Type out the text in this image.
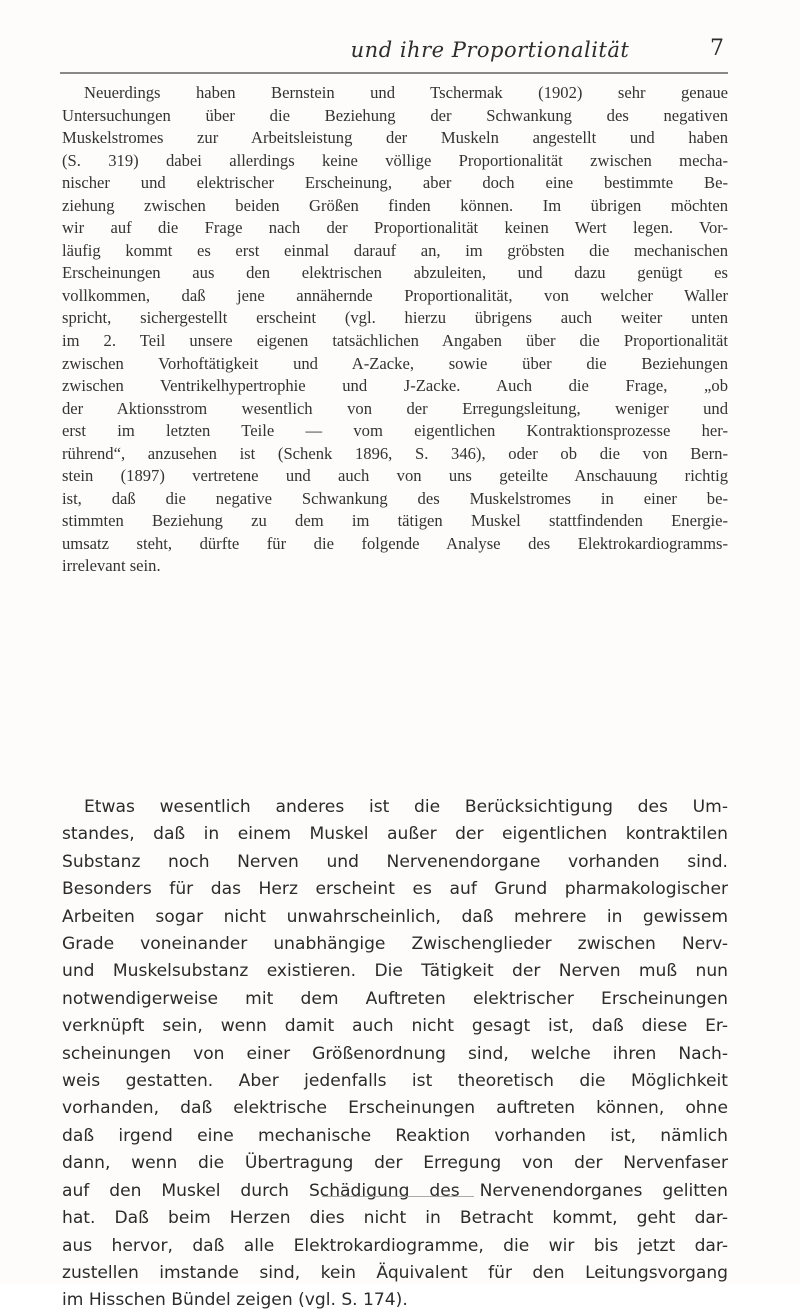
und ihre Proportionalität	7
Neuerdings haben Bernstein und Tschermak (1902) sehr genaue
Untersuchungen über die Beziehung der Schwankung des negativen
Muskelstromes zur Arbeitsleistung der Muskeln angestellt und haben
(S. 319) dabei allerdings keine völlige Proportionalität zwischen mecha-
nischer und elektrischer Erscheinung, aber doch eine bestimmte Be-
ziehung zwischen beiden Größen finden können. Im übrigen möchten
wir auf die Frage nach der Proportionalität keinen Wert legen. Vor-
läufig kommt es erst einmal darauf an, im gröbsten die mechanischen
Erscheinungen aus den elektrischen abzuleiten, und dazu genügt es
vollkommen, daß jene annähernde Proportionalität, von welcher Waller
spricht, sichergestellt erscheint (vgl. hierzu übrigens auch weiter unten
im 2. Teil unsere eigenen tatsächlichen Angaben über die Proportionalität
zwischen Vorhoftätigkeit und A-Zacke, sowie über die Beziehungen
zwischen Ventrikelhypertrophie und J-Zacke. Auch die Frage, „ob
der Aktionsstrom wesentlich von der Erregungsleitung, weniger und
erst im letzten Teile — vom eigentlichen Kontraktionsprozesse her-
rührend“, anzusehen ist (Schenk 1896, S. 346), oder ob die von Bern-
stein (1897) vertretene und auch von uns geteilte Anschauung richtig
ist, daß die negative Schwankung des Muskelstromes in einer be-
stimmten Beziehung zu dem im tätigen Muskel stattfindenden Energie-
umsatz steht, dürfte für die folgende Analyse des Elektrokardiogramms-
irrelevant sein.
Etwas wesentlich anderes ist die Berücksichtigung des Um-
standes, daß in einem Muskel außer der eigentlichen kontraktilen
Substanz noch Nerven und Nervenendorgane vorhanden sind.
Besonders für das Herz erscheint es auf Grund pharmakologischer
Arbeiten sogar nicht unwahrscheinlich, daß mehrere in gewissem
Grade voneinander unabhängige Zwischenglieder zwischen Nerv-
und Muskelsubstanz existieren. Die Tätigkeit der Nerven muß nun
notwendigerweise mit dem Auftreten elektrischer Erscheinungen
verknüpft sein, wenn damit auch nicht gesagt ist, daß diese Er-
scheinungen von einer Größenordnung sind, welche ihren Nach-
weis gestatten. Aber jedenfalls ist theoretisch die Möglichkeit
vorhanden, daß elektrische Erscheinungen auftreten können, ohne
daß irgend eine mechanische Reaktion vorhanden ist, nämlich
dann, wenn die Übertragung der Erregung von der Nervenfaser
auf den Muskel durch Schädigung des Nervenendorganes gelitten
hat. Daß beim Herzen dies nicht in Betracht kommt, geht dar-
aus hervor, daß alle Elektrokardiogramme, die wir bis jetzt dar-
zustellen imstande sind, kein Äquivalent für den Leitungsvorgang
im Hisschen Bündel zeigen (vgl. S. 174).
